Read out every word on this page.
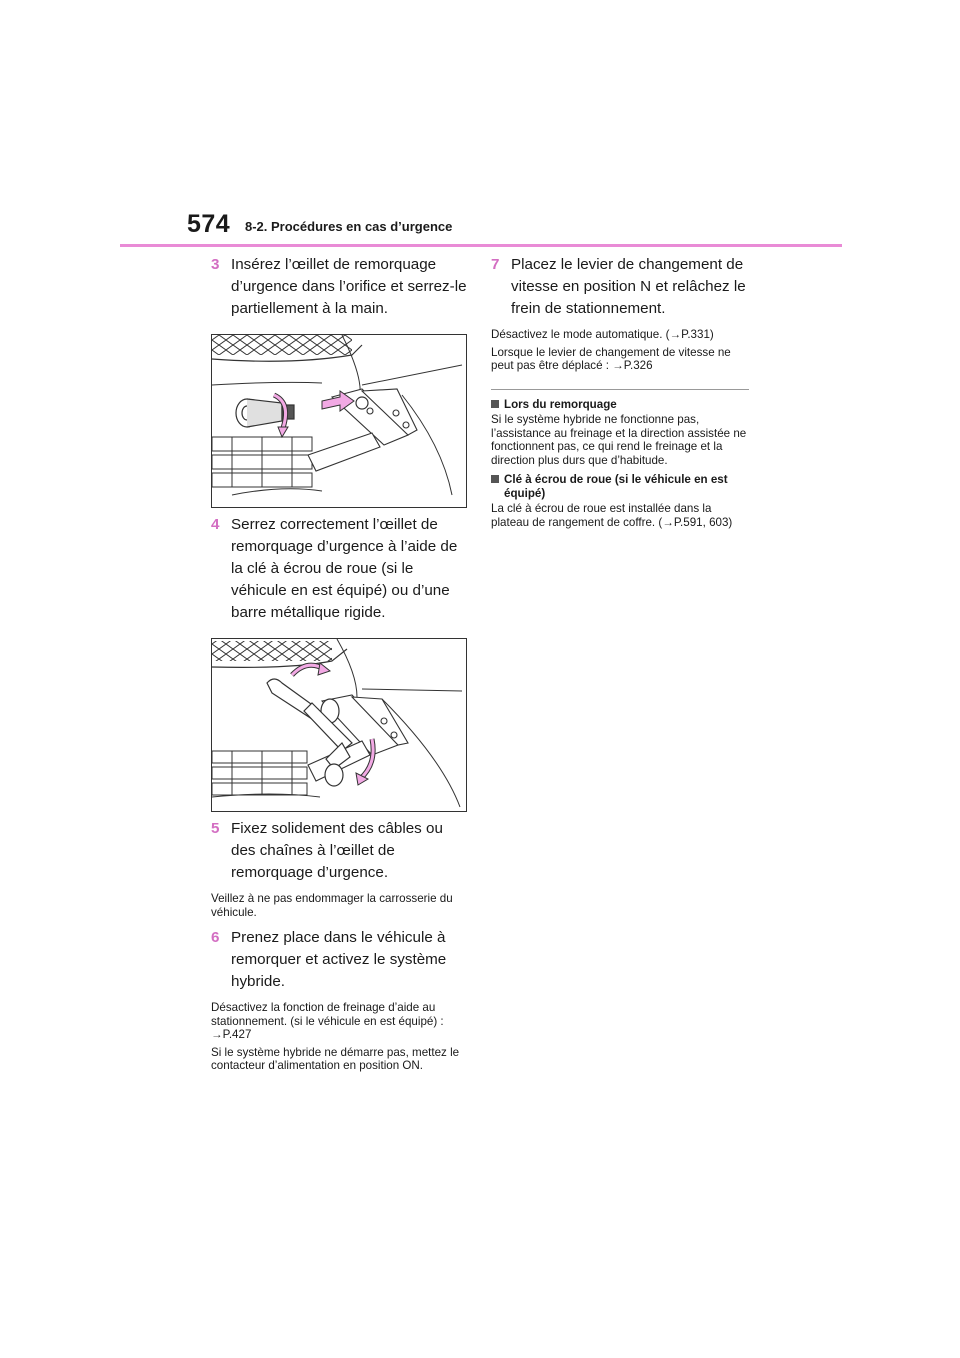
574 8-2. Procédures en cas d’urgence
3 Insérez l’œillet de remorquage d’urgence dans l’orifice et serrez-le partiellement à la main.
4 Serrez correctement l’œillet de remorquage d’urgence à l’aide de la clé à écrou de roue (si le véhicule en est équipé) ou d’une barre métallique rigide.
5 Fixez solidement des câbles ou des chaînes à l’œillet de remorquage d’urgence.

Veillez à ne pas endommager la carrosserie du véhicule.

6 Prenez place dans le véhicule à remorquer et activez le système hybride.

Désactivez la fonction de freinage d’aide au stationnement. (si le véhicule en est équipé) : →P.427

Si le système hybride ne démarre pas, mettez le contacteur d’alimentation en position ON.

7 Placez le levier de changement de vitesse en position N et relâchez le frein de stationnement.

Désactivez le mode automatique. (→P.331)

Lorsque le levier de changement de vitesse ne peut pas être déplacé : →P.326

Lors du remorquage

Si le système hybride ne fonctionne pas, l’assistance au freinage et la direction assistée ne fonctionnent pas, ce qui rend le freinage et la direction plus durs que d’habitude.

Clé à écrou de roue (si le véhicule en est équipé)

La clé à écrou de roue est installée dans la plateau de rangement de coffre. (→P.591, 603)
